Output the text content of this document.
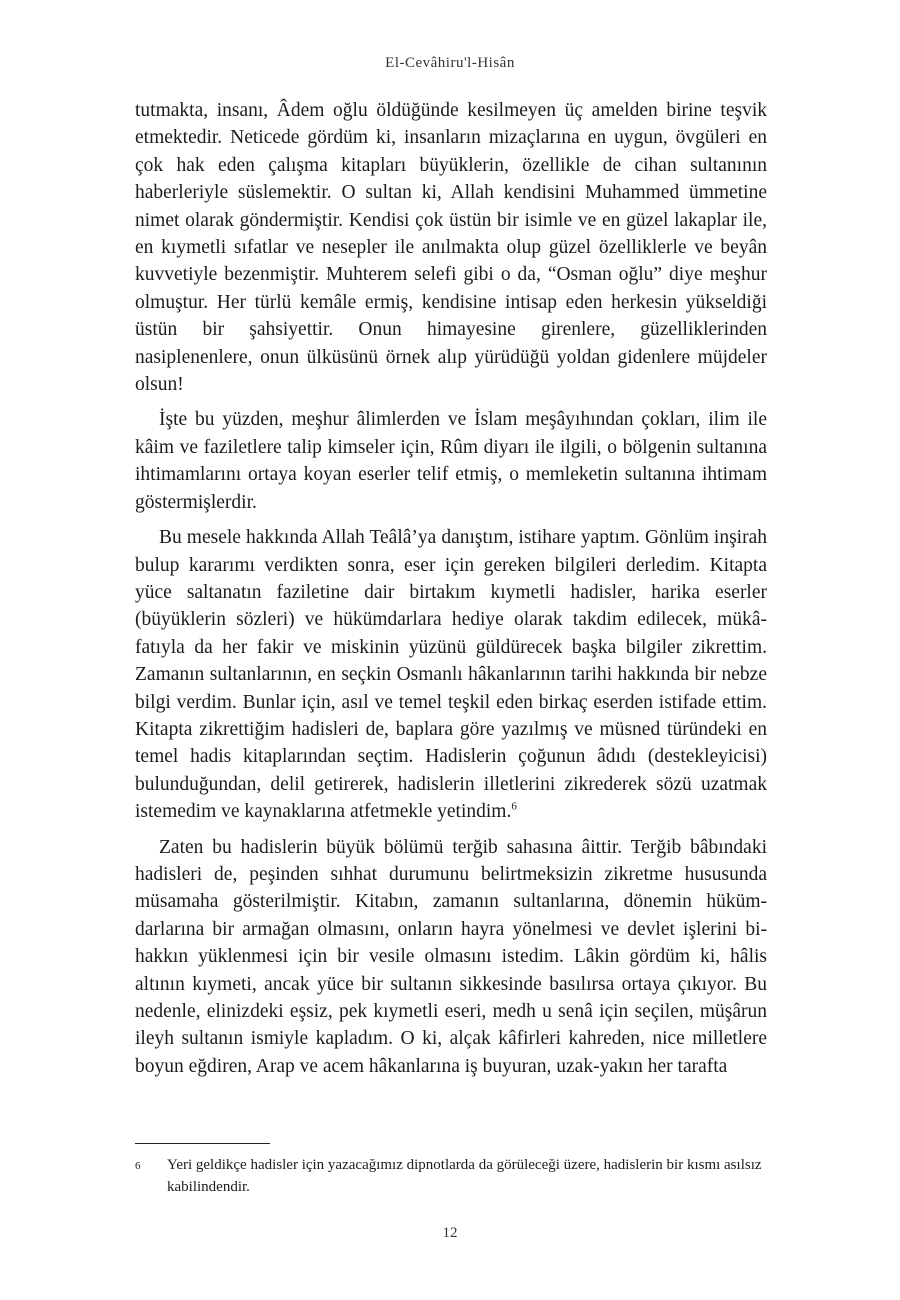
El-Cevâhiru'l-Hisân

tutmakta, insanı, Âdem oğlu öldüğünde kesilmeyen üç amelden birine teşvik etmektedir. Neticede gördüm ki, insanların mizaçlarına en uygun, övgüleri en çok hak eden çalışma kitapları büyüklerin, özellikle de cihan sultanının haberleriyle süslemektir. O sultan ki, Allah kendisini Muhammed ümmetine nimet olarak göndermiştir. Kendisi çok üstün bir isimle ve en güzel lakaplar ile, en kıymetli sıfatlar ve nesepler ile anılmakta olup güzel özelliklerle ve beyân kuvvetiyle bezenmiştir. Muhterem selefi gibi o da, “Osman oğlu” diye meşhur olmuştur. Her türlü kemâle ermiş, kendisine intisap eden herkesin yükseldiği üstün bir şahsiyettir. Onun himayesine girenlere, güzelliklerinden nasiplenenlere, onun ülküsünü örnek alıp yürüdüğü yoldan gidenlere müjdeler olsun!

İşte bu yüzden, meşhur âlimlerden ve İslam meşâyıhından çokları, ilim ile kâim ve faziletlere talip kimseler için, Rûm diyarı ile ilgili, o bölgenin sultanına ihtimamlarını ortaya koyan eserler telif etmiş, o memleketin sultanına ihtimam göstermişlerdir.

Bu mesele hakkında Allah Teâlâ’ya danıştım, istihare yaptım. Gönlüm inşirah bulup kararımı verdikten sonra, eser için gereken bilgileri derledim. Kitapta yüce saltanatın faziletine dair birtakım kıymetli hadisler, harika eserler (büyüklerin sözleri) ve hükümdarlara hediye olarak takdim edilecek, mükâfatıyla da her fakir ve miskinin yüzünü güldürecek başka bilgiler zikrettim. Zamanın sultanlarının, en seçkin Osmanlı hâkanlarının tarihi hakkında bir nebze bilgi verdim. Bunlar için, asıl ve temel teşkil eden birkaç eserden istifade ettim. Kitapta zikrettiğim hadisleri de, baplara göre yazılmış ve müsned türündeki en temel hadis kitaplarından seçtim. Hadislerin çoğunun âdıdı (destekleyicisi) bulunduğundan, delil getirerek, hadislerin illetlerini zikrederek sözü uzatmak istemedim ve kaynaklarına atfetmekle yetindim.$^6$

Zaten bu hadislerin büyük bölümü terğib sahasına âittir. Terğib bâbındaki hadisleri de, peşinden sıhhat durumunu belirtmeksizin zikretme hususunda müsamaha gösterilmiştir. Kitabın, zamanın sultanlarına, dönemin hükümdarlarına bir armağan olmasını, onların hayra yönelmesi ve devlet işlerini bi-hakkın yüklenmesi için bir vesile olmasını istedim. Lâkin gördüm ki, hâlis altının kıymeti, ancak yüce bir sultanın sikkesinde basılırsa ortaya çıkıyor. Bu nedenle, elinizdeki eşsiz, pek kıymetli eseri, medh u senâ için seçilen, müşârun ileyh sultanın ismiyle kapladım. O ki, alçak kâfirleri kahreden, nice milletlere boyun eğdiren, Arap ve acem hâkanlarına iş buyuran, uzak-yakın her tarafta

6	Yeri geldikçe hadisler için yazacağımız dipnotlarda da görüleceği üzere, hadislerin bir kısmı asılsız kabilindendir.
12
